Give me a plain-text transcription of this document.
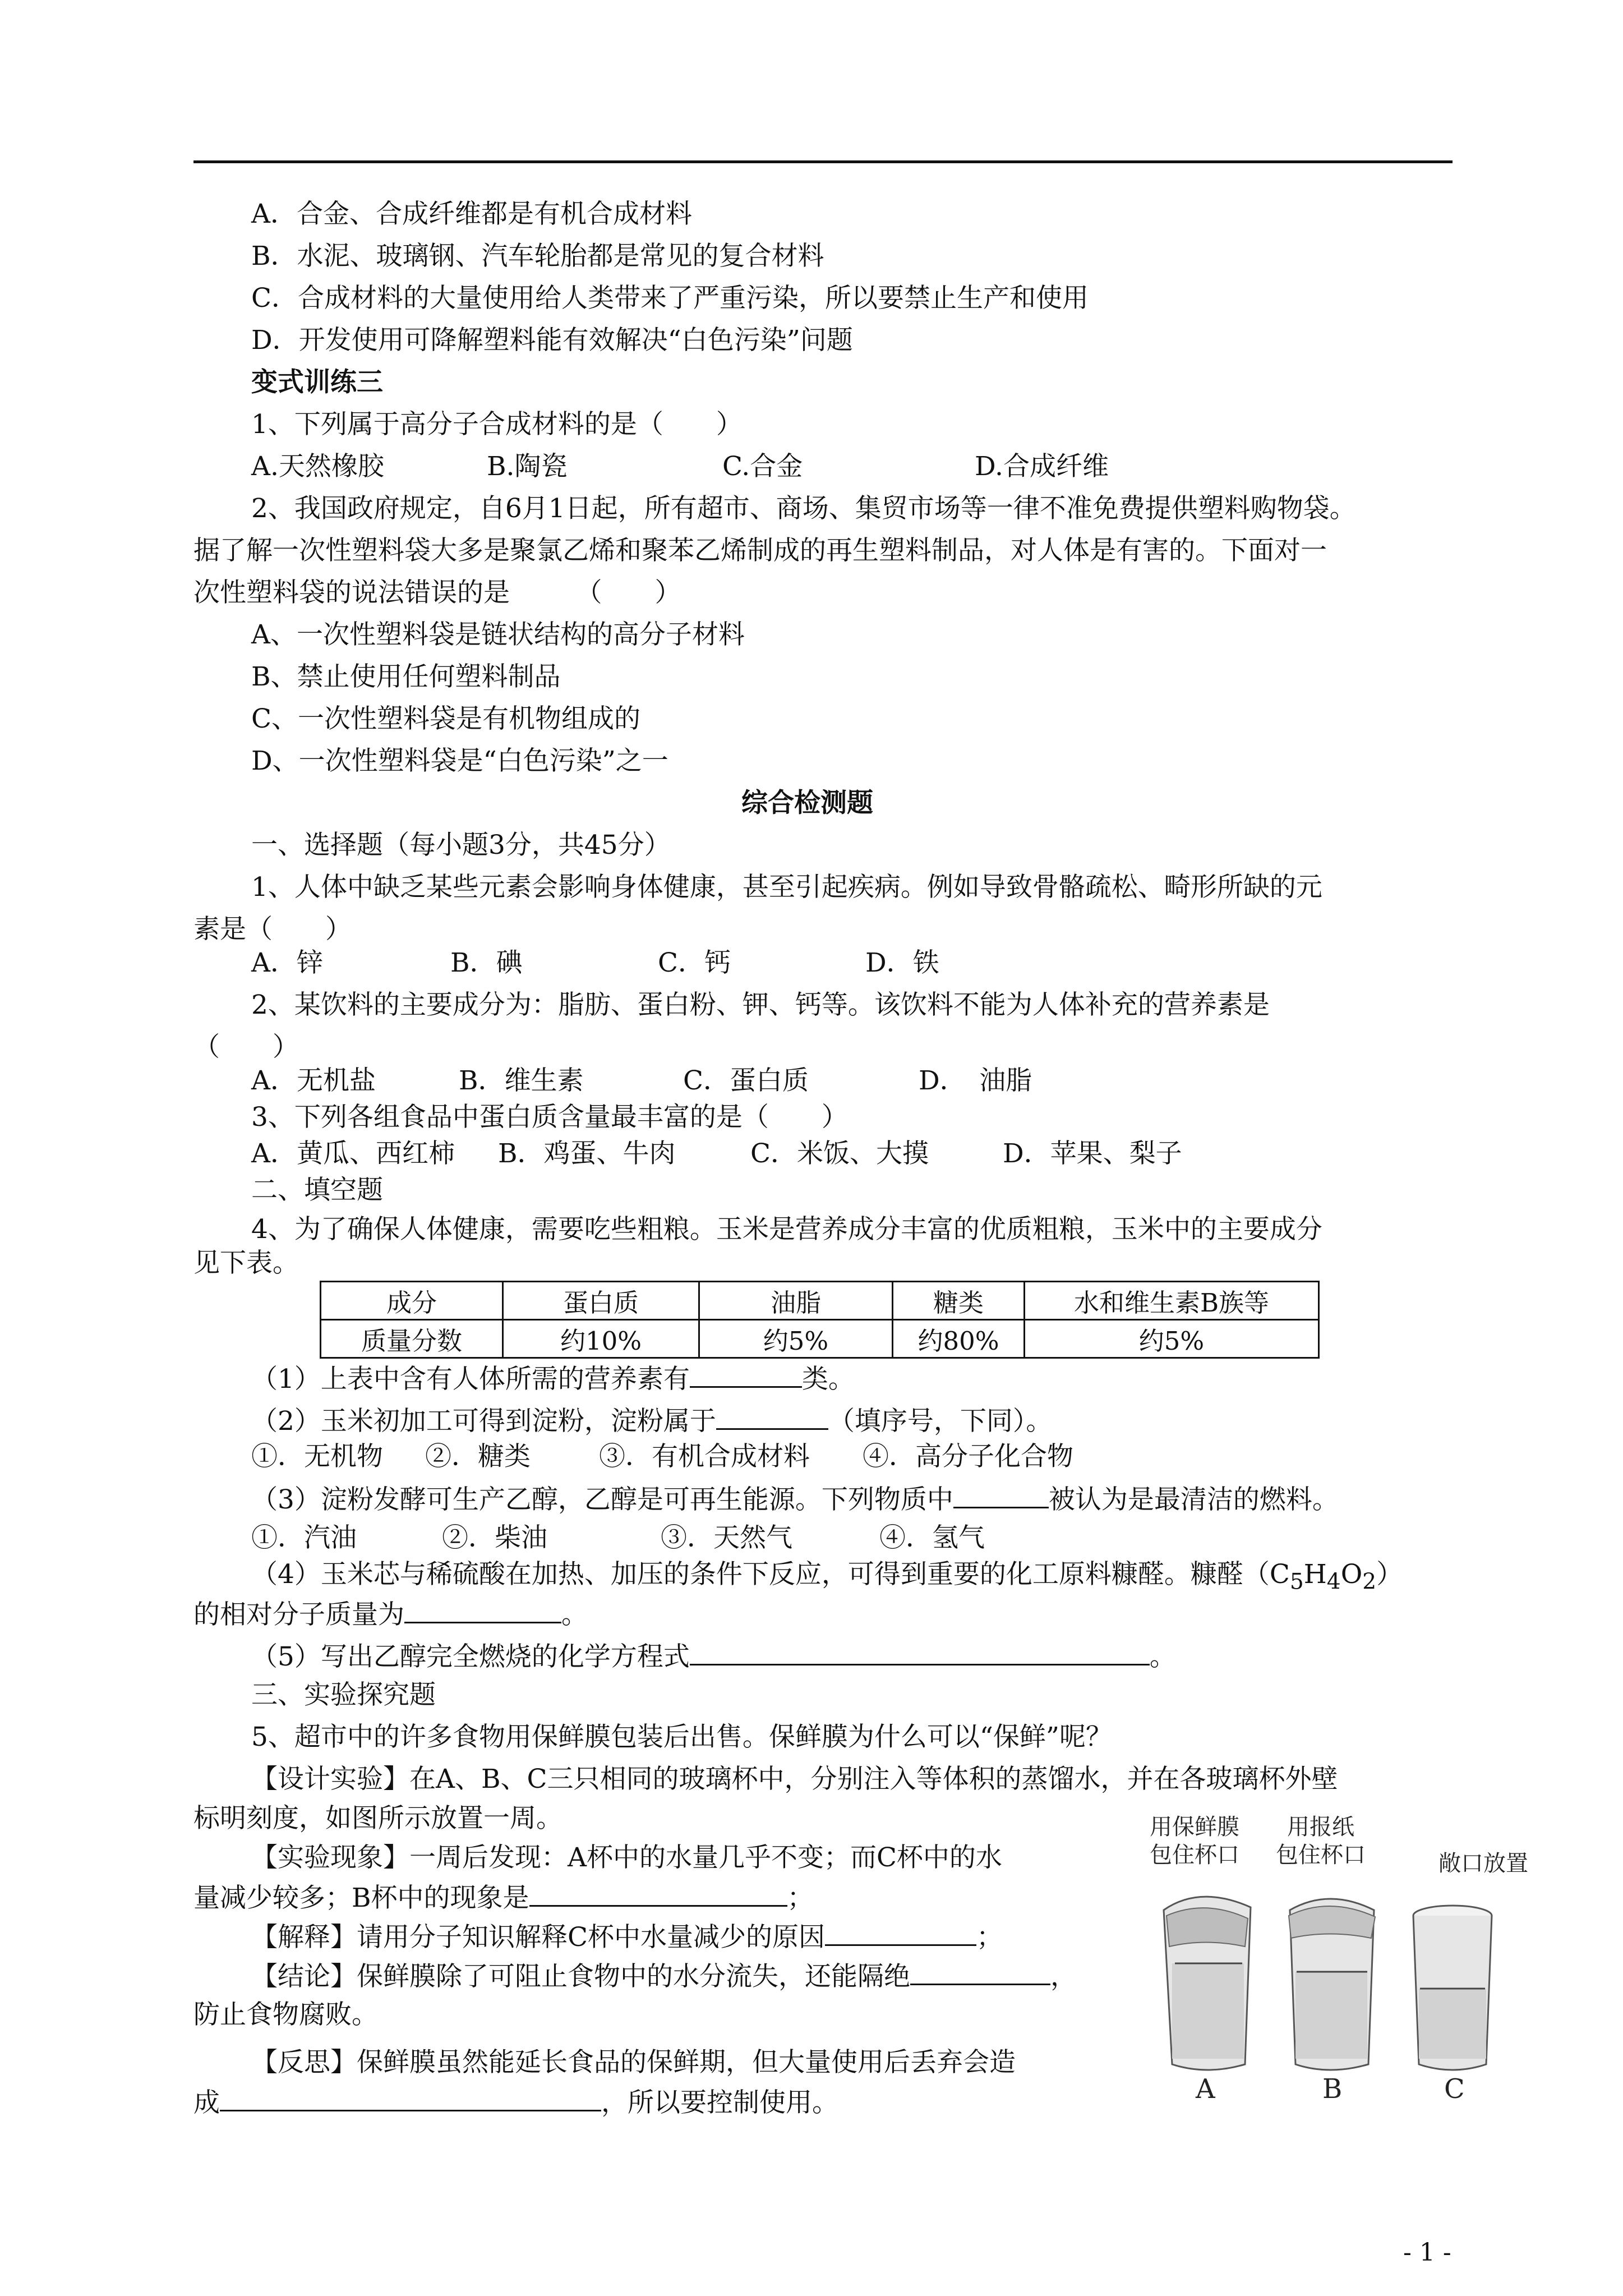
A．合金、合成纤维都是有机合成材料
B．水泥、玻璃钢、汽车轮胎都是常见的复合材料
C．合成材料的大量使用给人类带来了严重污染，所以要禁止生产和使用
D．开发使用可降解塑料能有效解决“白色污染”问题
变式训练三
1、下列属于高分子合成材料的是（　　）
A.天然橡胶	B.陶瓷	C.合金	D.合成纤维
2、我国政府规定，自6月1日起，所有超市、商场、集贸市场等一律不准免费提供塑料购物袋。
据了解一次性塑料袋大多是聚氯乙烯和聚苯乙烯制成的再生塑料制品，对人体是有害的。下面对一
次性塑料袋的说法错误的是　　　（　　）
A、一次性塑料袋是链状结构的高分子材料
B、禁止使用任何塑料制品
C、一次性塑料袋是有机物组成的
D、一次性塑料袋是“白色污染”之一
综合检测题
一、选择题（每小题3分，共45分）
1、人体中缺乏某些元素会影响身体健康，甚至引起疾病。例如导致骨骼疏松、畸形所缺的元
素是（　　）
A．锌	B．碘	C．钙	D．铁
2、某饮料的主要成分为：脂肪、蛋白粉、钾、钙等。该饮料不能为人体补充的营养素是
（　　）
A．无机盐	B．维生素	C．蛋白质	D．　油脂
3、下列各组食品中蛋白质含量最丰富的是（　　）
A．黄瓜、西红柿 B．鸡蛋、牛肉	C．米饭、大摸	D．苹果、梨子
二、填空题
4、为了确保人体健康，需要吃些粗粮。玉米是营养成分丰富的优质粗粮，玉米中的主要成分
见下表。
成分	蛋白质	油脂	糖类	水和维生素B族等
质量分数	约10%	约5%	约80%	约5%
（1）上表中含有人体所需的营养素有	类。
（2）玉米初加工可得到淀粉，淀粉属于	（填序号，下同）。
①．无机物 ②．糖类	③．有机合成材料 ④．高分子化合物
（3）淀粉发酵可生产乙醇，乙醇是可再生能源。下列物质中	被认为是最清洁的燃料。
①．汽油	②．柴油	③．天然气	④．氢气
（4）玉米芯与稀硫酸在加热、加压的条件下反应，可得到重要的化工原料糠醛。糠醛$(C_5H_4O_2)$
的相对分子质量为	。
（5）写出乙醇完全燃烧的化学方程式	。
三、实验探究题
5、超市中的许多食物用保鲜膜包装后出售。保鲜膜为什么可以“保鲜”呢？
【设计实验】在A、B、C三只相同的玻璃杯中，分别注入等体积的蒸馏水，并在各玻璃杯外壁
标明刻度，如图所示放置一周。
【实验现象】一周后发现：A杯中的水量几乎不变；而C杯中的水
量减少较多；B杯中的现象是	；
【解释】请用分子知识解释C杯中水量减少的原因	；
【结论】保鲜膜除了可阻止食物中的水分流失，还能隔绝	，
防止食物腐败。
【反思】保鲜膜虽然能延长食品的保鲜期，但大量使用后丢弃会造
成	，所以要控制使用。
用保鲜膜
包住杯口
用报纸
包住杯口	敞口放置
A	B	C
- 1 -
